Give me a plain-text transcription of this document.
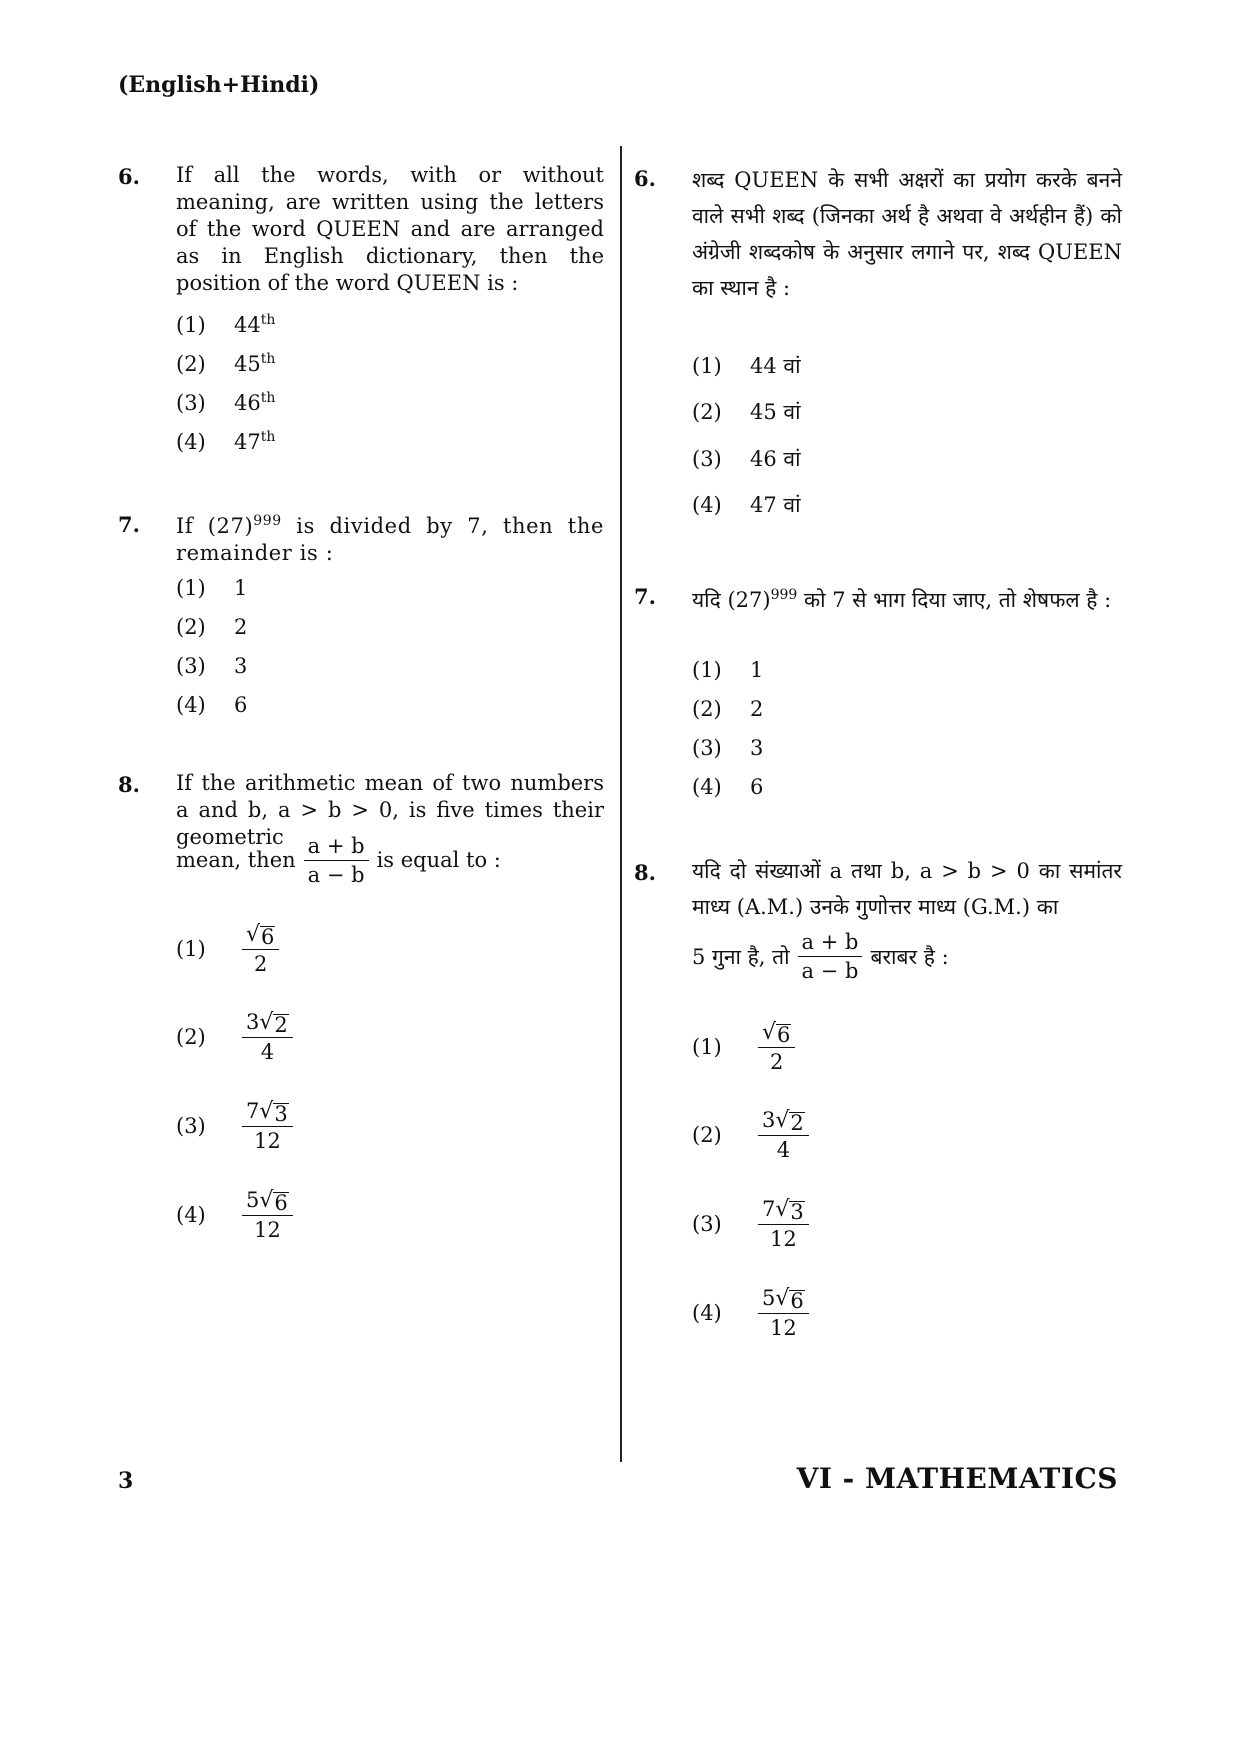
(English+Hindi)
6. If all the words, with or without meaning, are written using the letters of the word QUEEN and are arranged as in English dictionary, then the position of the word QUEEN is :
(1) 44th
(2) 45th
(3) 46th
(4) 47th
7. If $(27)^{999}$ is divided by 7, then the remainder is :
(1) 1
(2) 2
(3) 3
(4) 6
8. If the arithmetic mean of two numbers a and b, a > b > 0, is five times their geometric
mean, then $\frac{a + b}{a - b}$ is equal to :
(1)	$\frac{√ 6}{2}$
(2)	$\frac{3 √ 2}{4}$
(3)	$\frac{7 √ 3}{12}$
(4)	$\frac{5 √ 6}{12}$
6. शब्द QUEEN के सभी अक्षरों का प्रयोग करके बनने वाले सभी शब्द (जिनका अर्थ है अथवा वे अर्थहीन हैं) को अंग्रेजी शब्दकोष के अनुसार लगाने पर, शब्द QUEEN का स्थान है :
(1) 44 वां
(2) 45 वां
(3) 46 वां
(4) 47 वां
7. यदि $(27)^{999}$ को 7 से भाग दिया जाए, तो शेषफल है :
(1) 1
(2) 2
(3) 3
(4) 6
8. यदि दो संख्याओं a तथा b, a > b > 0 का समांतर माध्य (A.M.) उनके गुणोत्तर माध्य (G.M.) का
5 गुना है, तो $\frac{a + b}{a - b}$ बराबर है :
(1)	$\frac{√ 6}{2}$
(2)	$\frac{3 √ 2}{4}$
(3)	$\frac{7 √ 3}{12}$
(4)	$\frac{5 √ 6}{12}$
3	VI - MATHEMATICS
